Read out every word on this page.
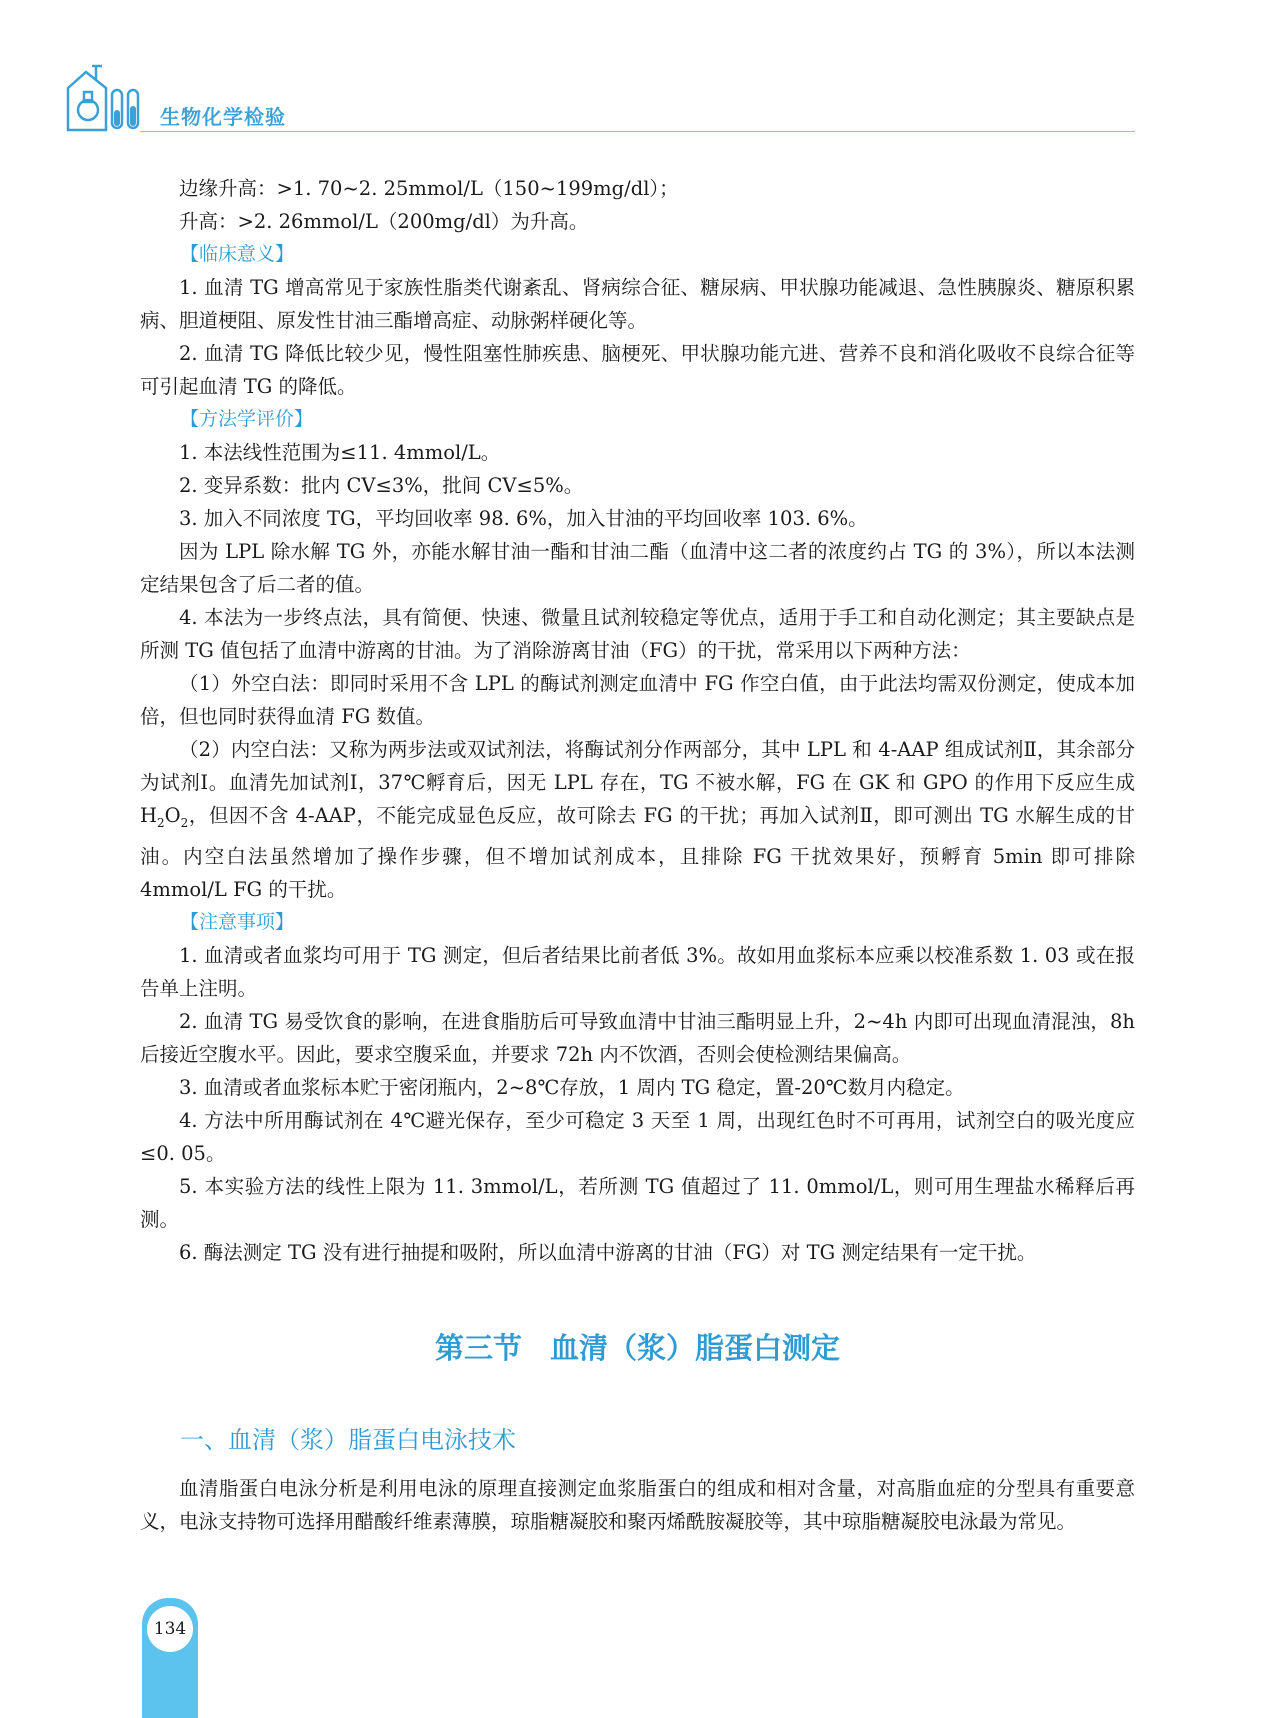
生物化学检验

边缘升高：>1. 70~2. 25mmol/L（150~199mg/dl）；

升高：>2. 26mmol/L（200mg/dl）为升高。

【临床意义】

1. 血清 TG 增高常见于家族性脂类代谢紊乱、肾病综合征、糖尿病、甲状腺功能减退、急性胰腺炎、糖原积累病、胆道梗阻、原发性甘油三酯增高症、动脉粥样硬化等。

2. 血清 TG 降低比较少见，慢性阻塞性肺疾患、脑梗死、甲状腺功能亢进、营养不良和消化吸收不良综合征等可引起血清 TG 的降低。

【方法学评价】

1. 本法线性范围为≤11. 4mmol/L。

2. 变异系数：批内 CV≤3%，批间 CV≤5%。

3. 加入不同浓度 TG，平均回收率 98. 6%，加入甘油的平均回收率 103. 6%。

因为 LPL 除水解 TG 外，亦能水解甘油一酯和甘油二酯（血清中这二者的浓度约占 TG 的 3%），所以本法测定结果包含了后二者的值。

4. 本法为一步终点法，具有简便、快速、微量且试剂较稳定等优点，适用于手工和自动化测定；其主要缺点是所测 TG 值包括了血清中游离的甘油。为了消除游离甘油（FG）的干扰，常采用以下两种方法：

（1）外空白法：即同时采用不含 LPL 的酶试剂测定血清中 FG 作空白值，由于此法均需双份测定，使成本加倍，但也同时获得血清 FG 数值。

（2）内空白法：又称为两步法或双试剂法，将酶试剂分作两部分，其中 LPL 和 4-AAP 组成试剂Ⅱ，其余部分为试剂Ⅰ。血清先加试剂Ⅰ，37℃孵育后，因无 LPL 存在，TG 不被水解，FG 在 GK 和 GPO 的作用下反应生成 $H_2O_2$，但因不含 4-AAP，不能完成显色反应，故可除去 FG 的干扰；再加入试剂Ⅱ，即可测出 TG 水解生成的甘油。内空白法虽然增加了操作步骤，但不增加试剂成本，且排除 FG 干扰效果好，预孵育 5min 即可排除 4mmol/L FG 的干扰。

【注意事项】

1. 血清或者血浆均可用于 TG 测定，但后者结果比前者低 3%。故如用血浆标本应乘以校准系数 1. 03 或在报告单上注明。

2. 血清 TG 易受饮食的影响，在进食脂肪后可导致血清中甘油三酯明显上升，2~4h 内即可出现血清混浊，8h 后接近空腹水平。因此，要求空腹采血，并要求 72h 内不饮酒，否则会使检测结果偏高。

3. 血清或者血浆标本贮于密闭瓶内，2~8℃存放，1 周内 TG 稳定，置-20℃数月内稳定。

4. 方法中所用酶试剂在 4℃避光保存，至少可稳定 3 天至 1 周，出现红色时不可再用，试剂空白的吸光度应≤0. 05。

5. 本实验方法的线性上限为 11. 3mmol/L，若所测 TG 值超过了 11. 0mmol/L，则可用生理盐水稀释后再测。

6. 酶法测定 TG 没有进行抽提和吸附，所以血清中游离的甘油（FG）对 TG 测定结果有一定干扰。

第三节 血清（浆）脂蛋白测定
一、血清（浆）脂蛋白电泳技术

血清脂蛋白电泳分析是利用电泳的原理直接测定血浆脂蛋白的组成和相对含量，对高脂血症的分型具有重要意义，电泳支持物可选择用醋酸纤维素薄膜，琼脂糖凝胶和聚丙烯酰胺凝胶等，其中琼脂糖凝胶电泳最为常见。

134
